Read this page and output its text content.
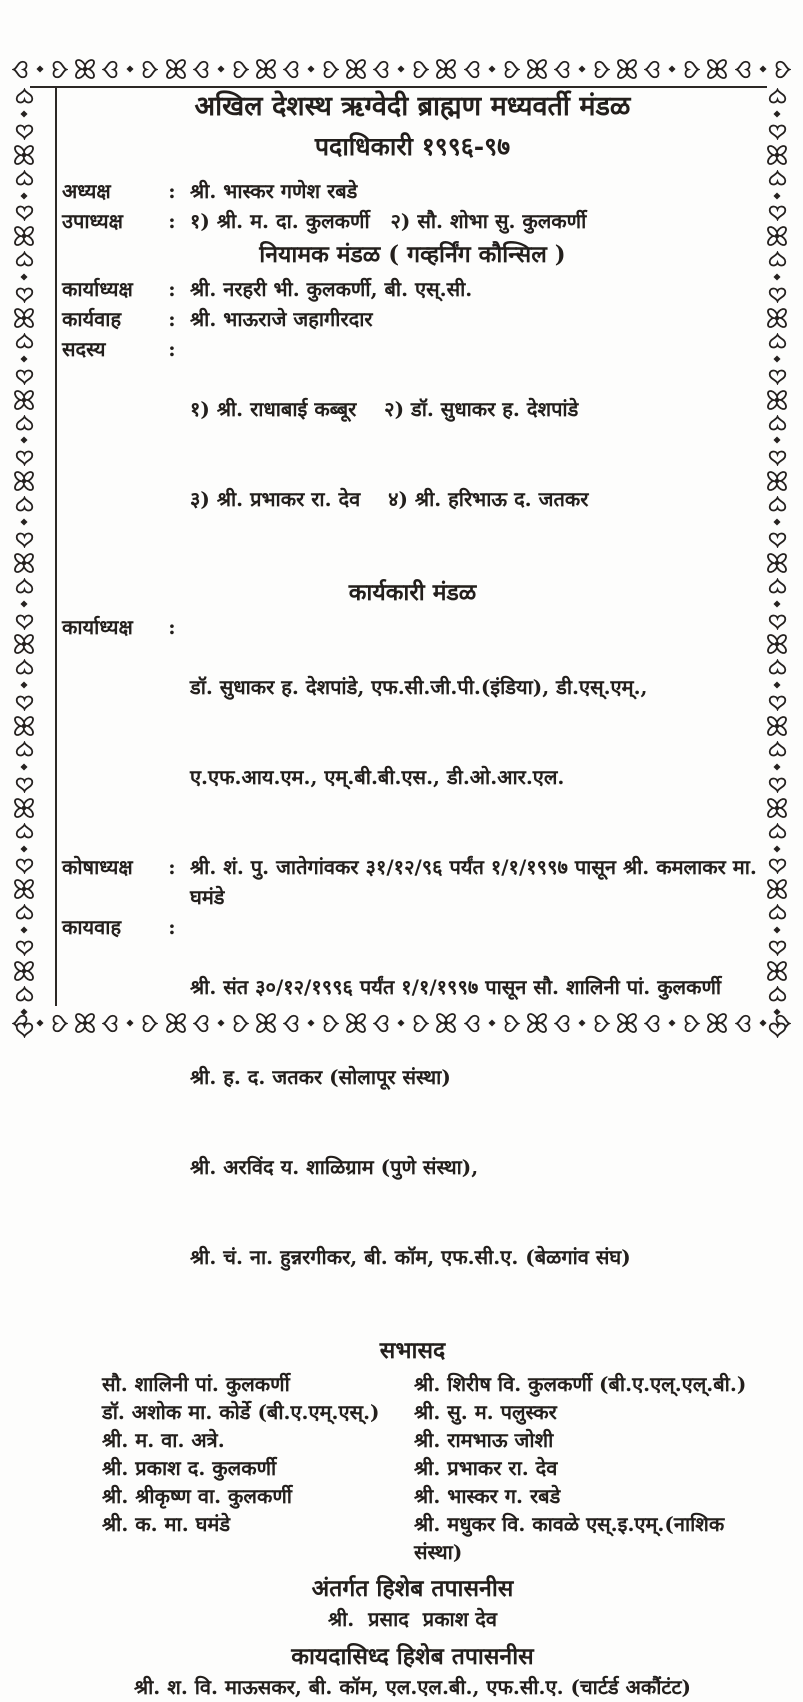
अखिल देशस्थ ऋग्वेदी ब्राह्मण मध्यवर्ती मंडळ
पदाधिकारी १९९६-९७
अध्यक्ष	: श्री. भास्कर गणेश रबडे
उपाध्यक्ष	: १) श्री. म. दा. कुलकर्णी   २) सौ. शोभा सु. कुलकर्णी
नियामक मंडळ ( गव्हर्निंग कौन्सिल )
कार्याध्यक्ष	: श्री. नरहरी भी. कुलकर्णी, बी. एस्.सी.
कार्यवाह	: श्री. भाऊराजे जहागीरदार
सदस्य	:

१) श्री. राधाबाई कब्बूर    २) डॉ. सुधाकर ह. देशपांडे

३) श्री. प्रभाकर रा. देव    ४) श्री. हरिभाऊ द. जतकर

कार्यकारी मंडळ
कार्याध्यक्ष	:

डॉ. सुधाकर ह. देशपांडे, एफ.सी.जी.पी.(इंडिया), डी.एस्.एम्.,

ए.एफ.आय.एम., एम्.बी.बी.एस., डी.ओ.आर.एल.

कोषाध्यक्ष	: श्री. शं. पु. जातेगांवकर ३१/१२/९६ पर्यंत १/१/१९९७ पासून श्री. कमलाकर मा. घमंडे
कायवाह	:

श्री. संत ३०/१२/१९९६ पर्यंत १/१/१९९७ पासून सौ. शालिनी पां. कुलकर्णी

श्री. ह. द. जतकर (सोलापूर संस्था)

श्री. अरविंद य. शाळिग्राम (पुणे संस्था),

श्री. चं. ना. हुन्नरगीकर, बी. कॉम, एफ.सी.ए. (बेळगांव संघ)

सभासद
सौ. शालिनी पां. कुलकर्णी
डॉ. अशोक मा. कोर्डे (बी.ए.एम्.एस्.)
श्री. म. वा. अत्रे.
श्री. प्रकाश द. कुलकर्णी
श्री. श्रीकृष्ण वा. कुलकर्णी
श्री. क. मा. घमंडे
श्री. शिरीष वि. कुलकर्णी (बी.ए.एल्.एल्.बी.)
श्री. सु. म. पलुस्कर
श्री. रामभाऊ जोशी
श्री. प्रभाकर रा. देव
श्री. भास्कर ग. रबडे
श्री. मधुकर वि. कावळे एस्.इ.एम्.(नाशिक संस्था)
अंतर्गत हिशेब तपासनीस
श्री.  प्रसाद  प्रकाश देव
कायदासिध्द हिशेब तपासनीस
श्री. श. वि. माऊसकर, बी. कॉम, एल.एल.बी., एफ.सी.ए. (चार्टर्ड अकौंटंट)
